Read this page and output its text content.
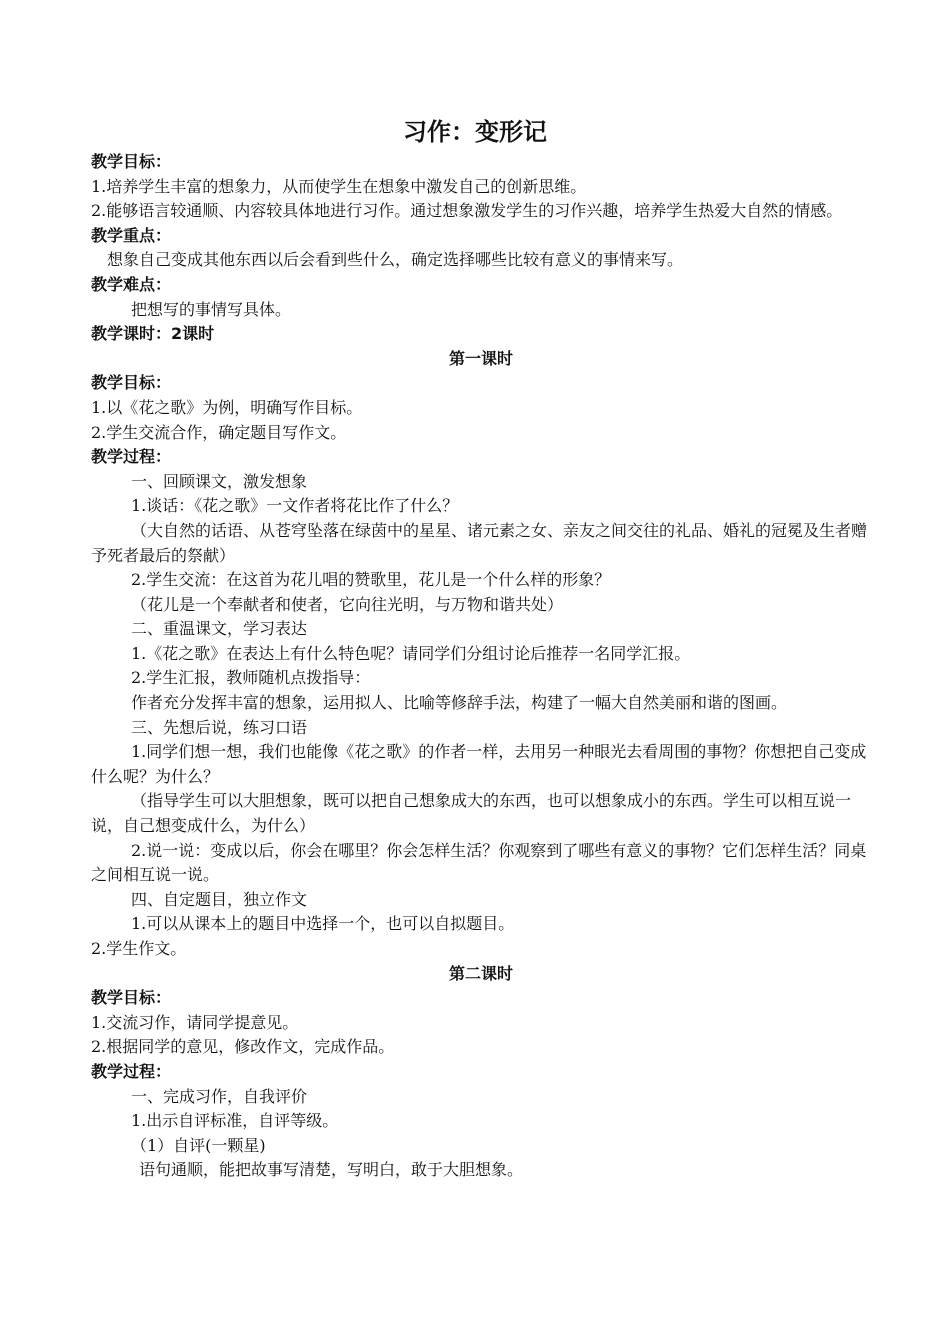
习作：变形记
教学目标：
1.培养学生丰富的想象力，从而使学生在想象中激发自己的创新思维。
2.能够语言较通顺、内容较具体地进行习作。通过想象激发学生的习作兴趣，培养学生热爱大自然的情感。
教学重点：
想象自己变成其他东西以后会看到些什么，确定选择哪些比较有意义的事情来写。
教学难点：
把想写的事情写具体。
教学课时：2课时
第一课时
教学目标：
1.以《花之歌》为例，明确写作目标。
2.学生交流合作，确定题目写作文。
教学过程：
一、回顾课文，激发想象
1.谈话：《花之歌》一文作者将花比作了什么？
（大自然的话语、从苍穹坠落在绿茵中的星星、诸元素之女、亲友之间交往的礼品、婚礼的冠冕及生者赠予死者最后的祭献）
2.学生交流：在这首为花儿唱的赞歌里，花儿是一个什么样的形象？
（花儿是一个奉献者和使者，它向往光明，与万物和谐共处）
二、重温课文，学习表达
1.《花之歌》在表达上有什么特色呢？请同学们分组讨论后推荐一名同学汇报。
2.学生汇报，教师随机点拨指导：
作者充分发挥丰富的想象，运用拟人、比喻等修辞手法，构建了一幅大自然美丽和谐的图画。
三、先想后说，练习口语
1.同学们想一想，我们也能像《花之歌》的作者一样，去用另一种眼光去看周围的事物？你想把自己变成什么呢？为什么？
（指导学生可以大胆想象，既可以把自己想象成大的东西，也可以想象成小的东西。学生可以相互说一说，自己想变成什么，为什么）
2.说一说：变成以后，你会在哪里？你会怎样生活？你观察到了哪些有意义的事物？它们怎样生活？同桌之间相互说一说。
四、自定题目，独立作文
1.可以从课本上的题目中选择一个，也可以自拟题目。
2.学生作文。
第二课时
教学目标：
1.交流习作，请同学提意见。
2.根据同学的意见，修改作文，完成作品。
教学过程：
一、完成习作，自我评价
1.出示自评标准，自评等级。
（1）自评(一颗星)
语句通顺，能把故事写清楚，写明白，敢于大胆想象。
